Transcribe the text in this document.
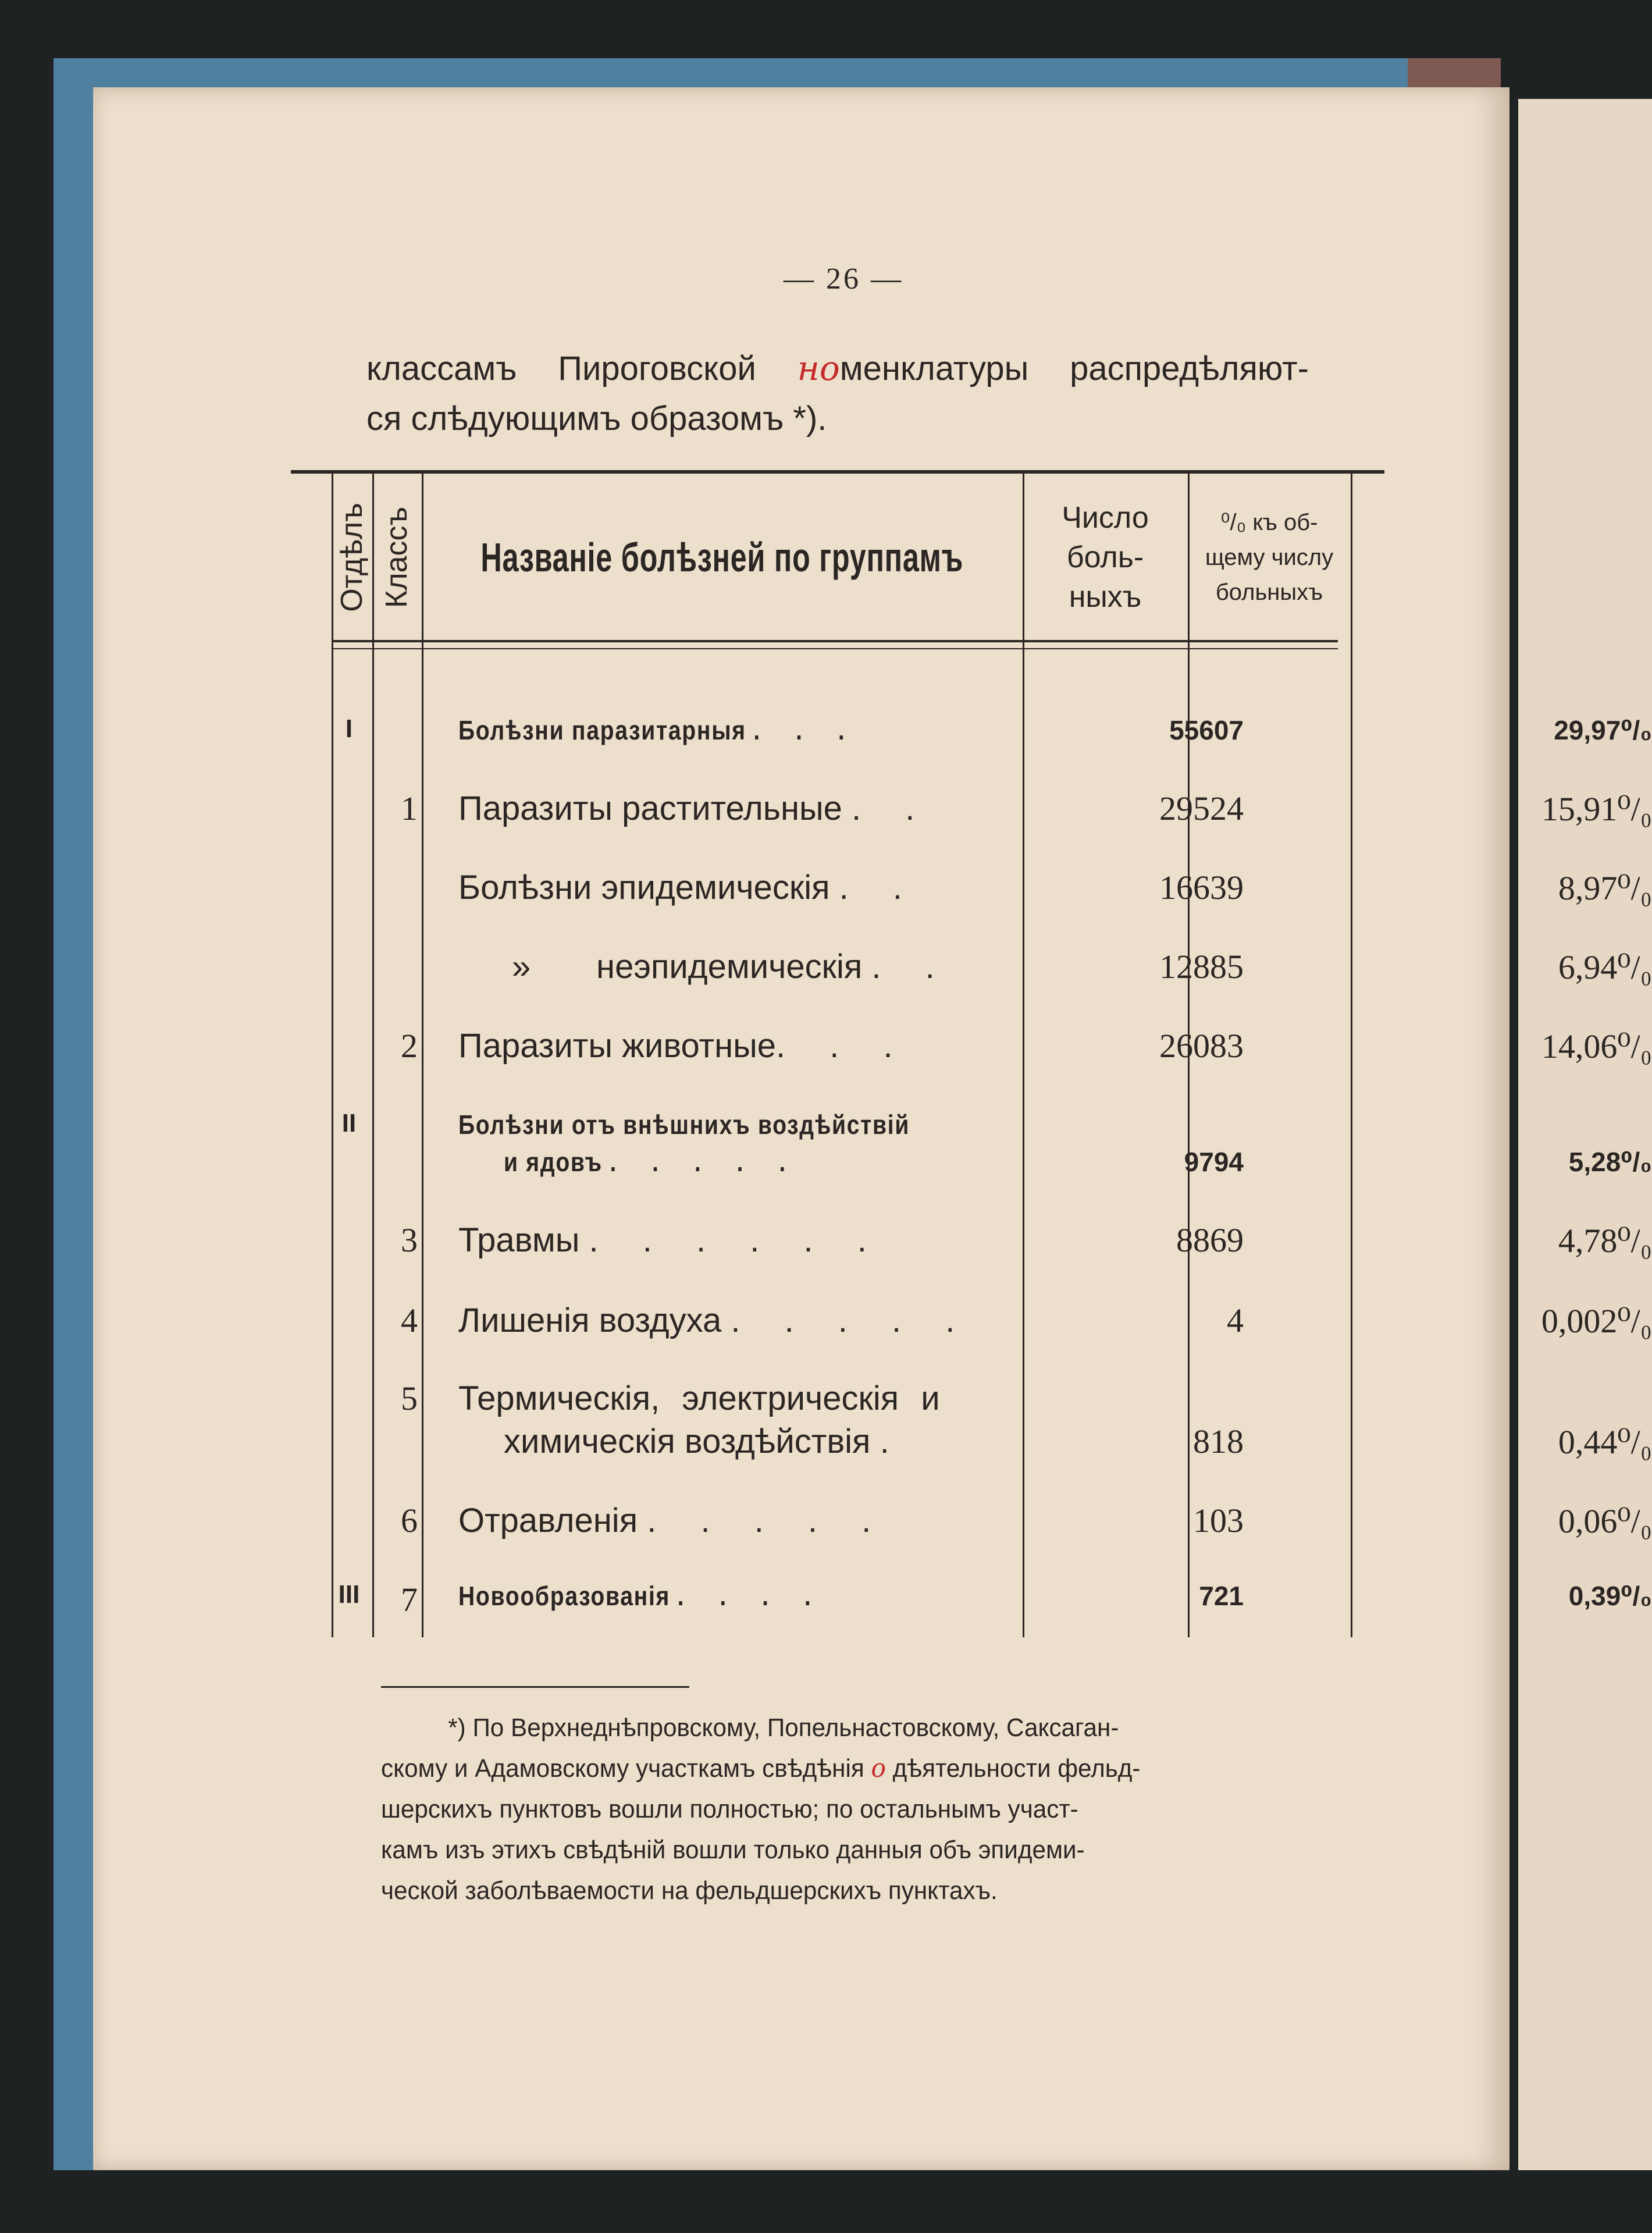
— 26 —
классамъ Пироговской номенклатуры распредѣляют-
ся слѣдующимъ образомъ *).
Отдѣлъ Классъ Названіе болѣзней по группамъ
Число
боль-
ныхъ
⁰/₀ къ об-
щему числу
больныхъ
I	Болѣзни паразитарныя . . .	55607	29,97⁰/₀
1 Паразиты растительные . .	29524	15,91⁰/₀
Болѣзни эпидемическія . .	16639	8,97⁰/₀
»       неэпидемическія . .	12885	6,94⁰/₀
2 Паразиты животные. . .	26083	14,06⁰/₀
II	Болѣзни отъ внѣшнихъ воздѣйствій
и ядовъ . . . . .	9794	5,28⁰/₀
3 Травмы . . . . . .	8869	4,78⁰/₀
4 Лишенія воздуха . . . . .	4	0,002⁰/₀
5 Термическія, электрическія и
химическія воздѣйствія .	818	0,44⁰/₀
6 Отравленія . . . . .	103	0,06⁰/₀
III	7 Новообразованія . . . .	721	0,39⁰/₀
*) По Верхнеднѣпровскому, Попельнастовскому, Саксаган-
скому и Адамовскому участкамъ свѣдѣнія о дѣятельности фельд-
шерскихъ пунктовъ вошли полностью; по остальнымъ участ-
камъ изъ этихъ свѣдѣній вошли только данныя объ эпидеми-
ческой заболѣваемости на фельдшерскихъ пунктахъ.
